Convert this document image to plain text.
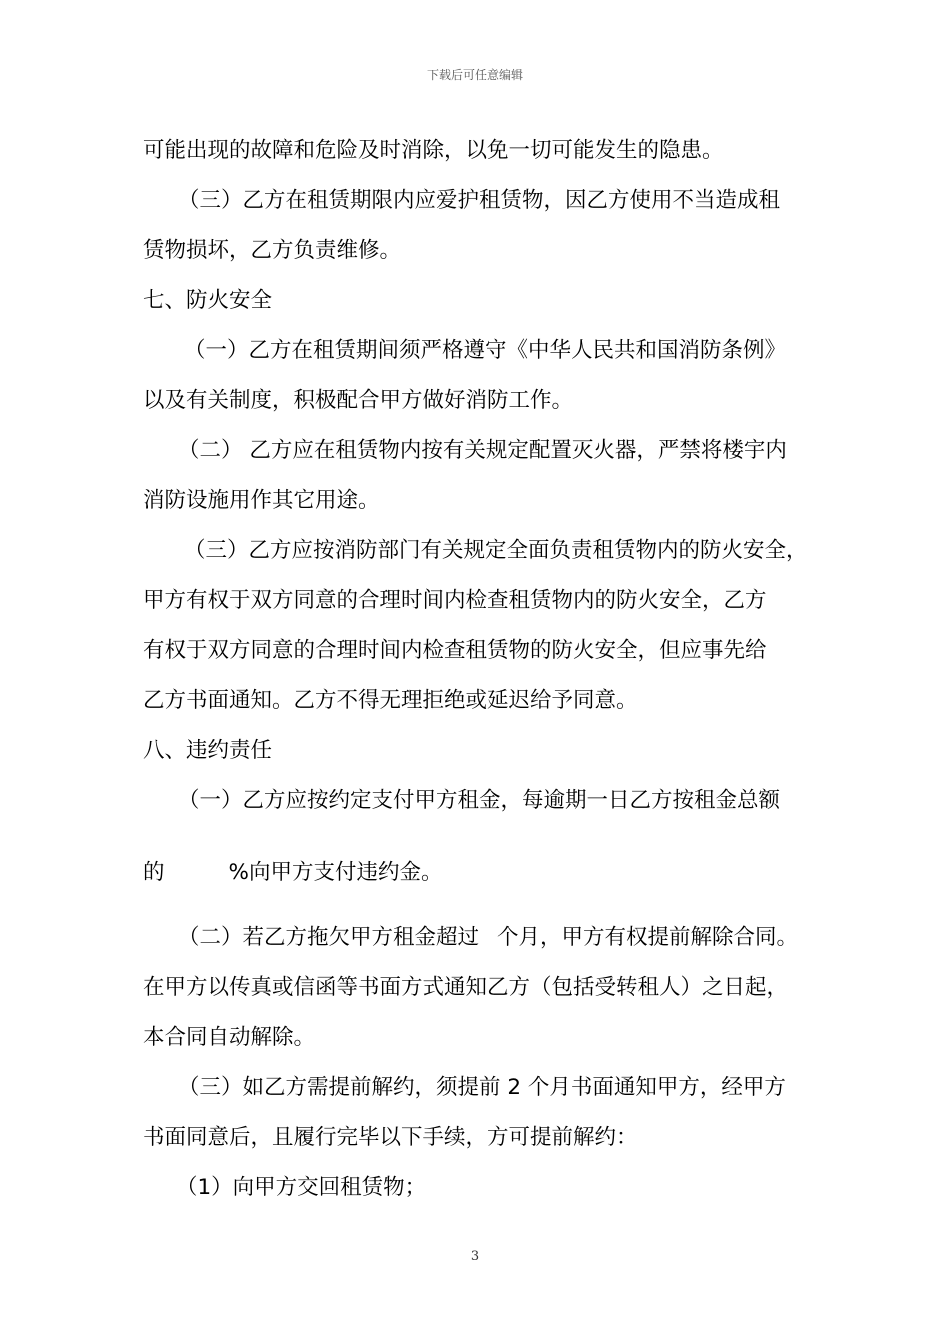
下载后可任意编辑
可能出现的故障和危险及时消除，以免一切可能发生的隐患。
（三）乙方在租赁期限内应爱护租赁物，因乙方使用不当造成租
赁物损坏，乙方负责维修。
七、防火安全
（一）乙方在租赁期间须严格遵守《中华人民共和国消防条例》
以及有关制度，积极配合甲方做好消防工作。
（二） 乙方应在租赁物内按有关规定配置灭火器，严禁将楼宇内
消防设施用作其它用途。
（三）乙方应按消防部门有关规定全面负责租赁物内的防火安全，
甲方有权于双方同意的合理时间内检查租赁物内的防火安全，乙方
有权于双方同意的合理时间内检查租赁物的防火安全，但应事先给
乙方书面通知。乙方不得无理拒绝或延迟给予同意。
八、违约责任
（一）乙方应按约定支付甲方租金，每逾期一日乙方按租金总额
的	%向甲方支付违约金。
（二）若乙方拖欠甲方租金超过 个月，甲方有权提前解除合同。
在甲方以传真或信函等书面方式通知乙方（包括受转租人）之日起，
本合同自动解除。
（三）如乙方需提前解约，须提前 2 个月书面通知甲方，经甲方
书面同意后，且履行完毕以下手续，方可提前解约：
（1）向甲方交回租赁物；
3
